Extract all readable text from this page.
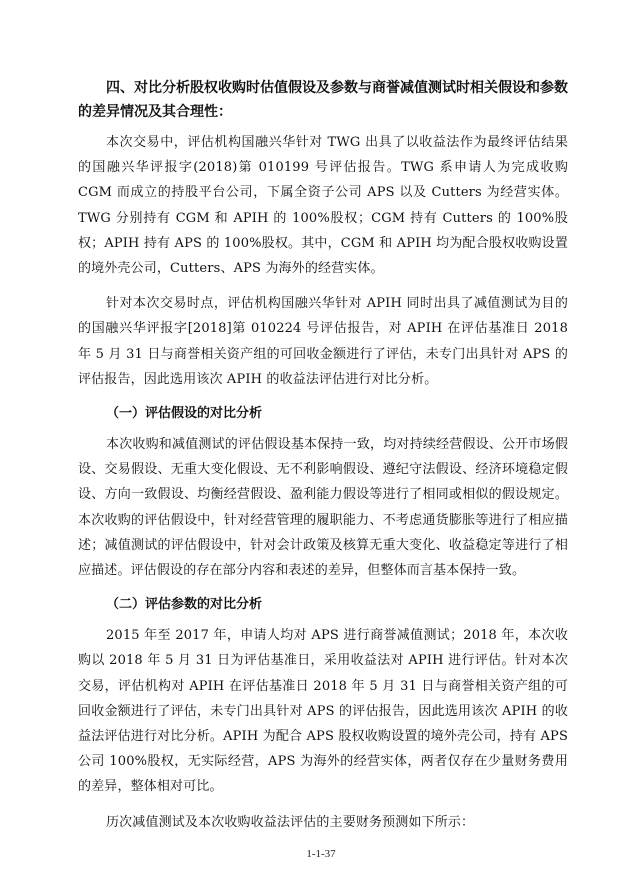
四、对比分析股权收购时估值假设及参数与商誉减值测试时相关假设和参数的差异情况及其合理性：

本次交易中，评估机构国融兴华针对 TWG 出具了以收益法作为最终评估结果的国融兴华评报字(2018)第 010199 号评估报告。TWG 系申请人为完成收购 CGM 而成立的持股平台公司，下属全资子公司 APS 以及 Cutters 为经营实体。TWG 分别持有 CGM 和 APIH 的 100%股权；CGM 持有 Cutters 的 100%股权；APIH 持有 APS 的 100%股权。其中，CGM 和 APIH 均为配合股权收购设置的境外壳公司，Cutters、APS 为海外的经营实体。

针对本次交易时点，评估机构国融兴华针对 APIH 同时出具了减值测试为目的的国融兴华评报字[2018]第 010224 号评估报告，对 APIH 在评估基准日 2018 年 5 月 31 日与商誉相关资产组的可回收金额进行了评估，未专门出具针对 APS 的评估报告，因此选用该次 APIH 的收益法评估进行对比分析。

（一）评估假设的对比分析

本次收购和减值测试的评估假设基本保持一致，均对持续经营假设、公开市场假设、交易假设、无重大变化假设、无不利影响假设、遵纪守法假设、经济环境稳定假设、方向一致假设、均衡经营假设、盈利能力假设等进行了相同或相似的假设规定。本次收购的评估假设中，针对经营管理的履职能力、不考虑通货膨胀等进行了相应描述；减值测试的评估假设中，针对会计政策及核算无重大变化、收益稳定等进行了相应描述。评估假设的存在部分内容和表述的差异，但整体而言基本保持一致。

（二）评估参数的对比分析

2015 年至 2017 年，申请人均对 APS 进行商誉减值测试；2018 年，本次收购以 2018 年 5 月 31 日为评估基准日，采用收益法对 APIH 进行评估。针对本次交易，评估机构对 APIH 在评估基准日 2018 年 5 月 31 日与商誉相关资产组的可回收金额进行了评估，未专门出具针对 APS 的评估报告，因此选用该次 APIH 的收益法评估进行对比分析。APIH 为配合 APS 股权收购设置的境外壳公司，持有 APS 公司 100%股权，无实际经营，APS 为海外的经营实体，两者仅存在少量财务费用的差异，整体相对可比。

历次减值测试及本次收购收益法评估的主要财务预测如下所示：

1-1-37
